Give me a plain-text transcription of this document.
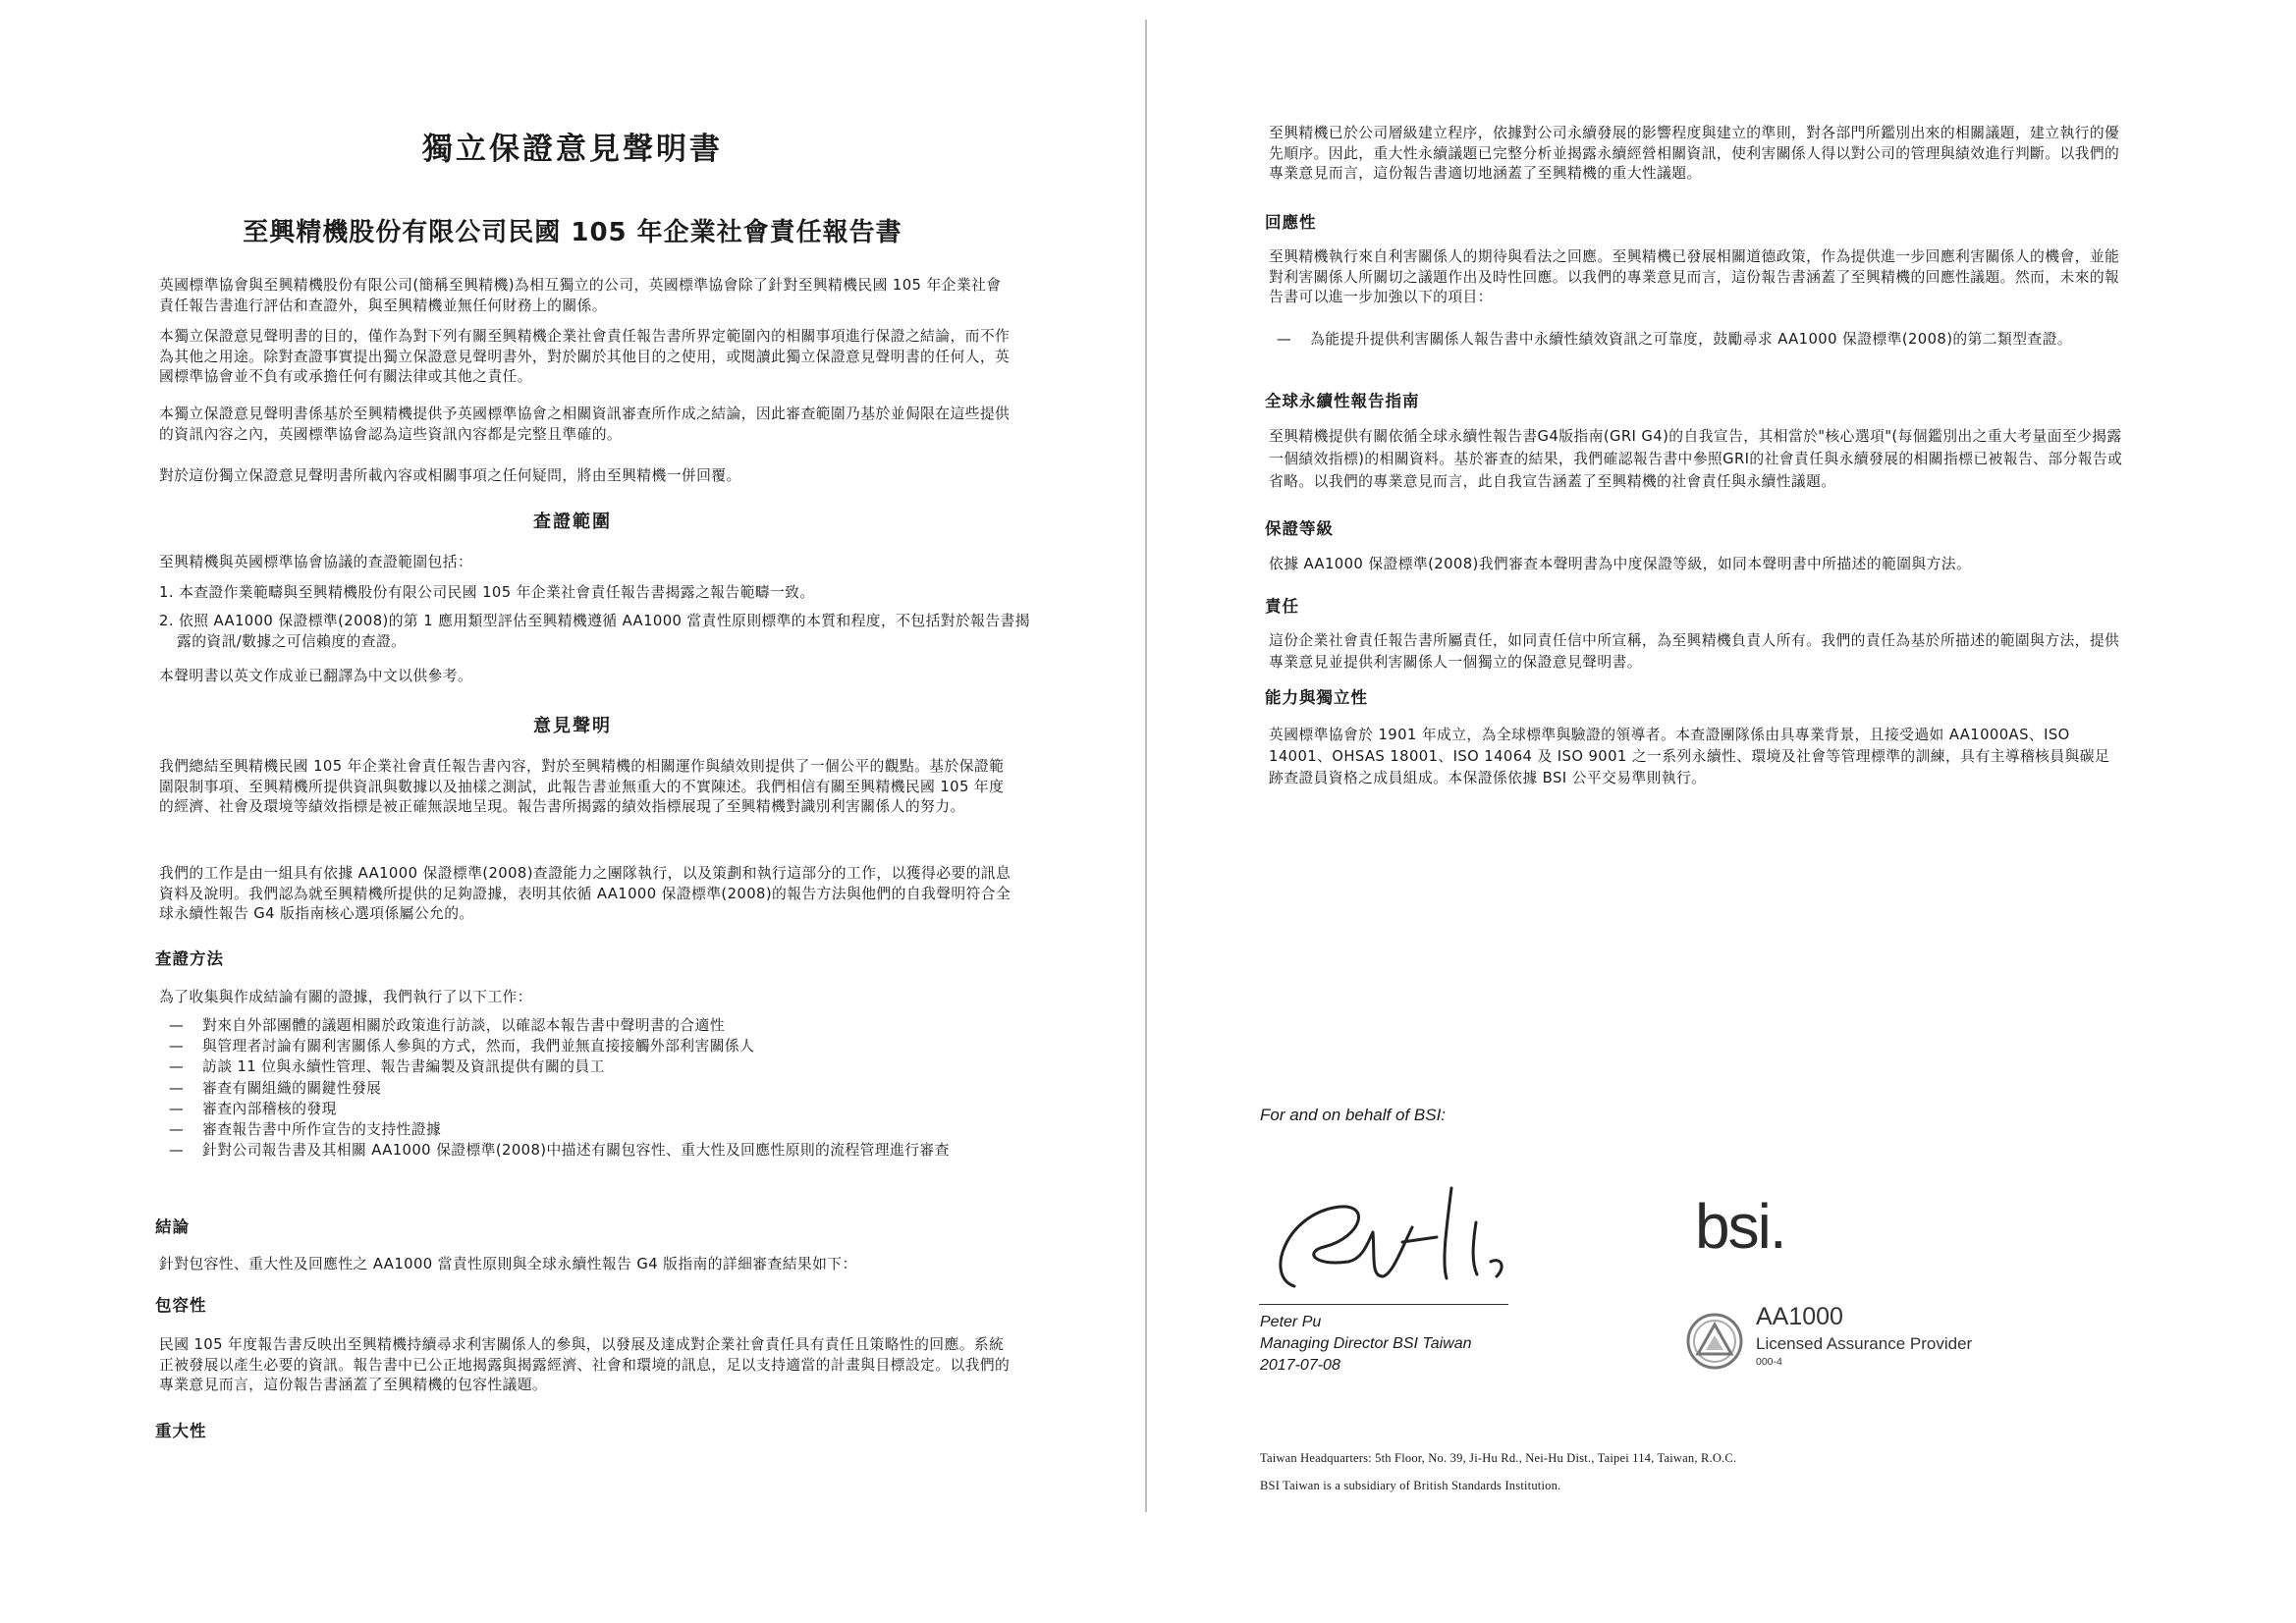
獨立保證意見聲明書
至興精機股份有限公司民國 105 年企業社會責任報告書

英國標準協會與至興精機股份有限公司(簡稱至興精機)為相互獨立的公司，英國標準協會除了針對至興精機民國 105 年企業社會責任報告書進行評估和查證外，與至興精機並無任何財務上的關係。

本獨立保證意見聲明書的目的，僅作為對下列有關至興精機企業社會責任報告書所界定範圍內的相關事項進行保證之結論，而不作為其他之用途。除對查證事實提出獨立保證意見聲明書外，對於關於其他目的之使用，或閱讀此獨立保證意見聲明書的任何人，英國標準協會並不負有或承擔任何有關法律或其他之責任。

本獨立保證意見聲明書係基於至興精機提供予英國標準協會之相關資訊審查所作成之結論，因此審查範圍乃基於並侷限在這些提供的資訊內容之內，英國標準協會認為這些資訊內容都是完整且準確的。

對於這份獨立保證意見聲明書所載內容或相關事項之任何疑問，將由至興精機一併回覆。

查證範圍

至興精機與英國標準協會協議的查證範圍包括：

1. 本查證作業範疇與至興精機股份有限公司民國 105 年企業社會責任報告書揭露之報告範疇一致。

2. 依照 AA1000 保證標準(2008)的第 1 應用類型評估至興精機遵循 AA1000 當責性原則標準的本質和程度，不包括對於報告書揭露的資訊/數據之可信賴度的查證。

本聲明書以英文作成並已翻譯為中文以供參考。

意見聲明

我們總結至興精機民國 105 年企業社會責任報告書內容，對於至興精機的相關運作與績效則提供了一個公平的觀點。基於保證範圍限制事項、至興精機所提供資訊與數據以及抽樣之測試，此報告書並無重大的不實陳述。我們相信有關至興精機民國 105 年度的經濟、社會及環境等績效指標是被正確無誤地呈現。報告書所揭露的績效指標展現了至興精機對識別利害關係人的努力。

我們的工作是由一組具有依據 AA1000 保證標準(2008)查證能力之團隊執行，以及策劃和執行這部分的工作，以獲得必要的訊息資料及說明。我們認為就至興精機所提供的足夠證據，表明其依循 AA1000 保證標準(2008)的報告方法與他們的自我聲明符合全球永續性報告 G4 版指南核心選項係屬公允的。

查證方法

為了收集與作成結論有關的證據，我們執行了以下工作：

— 對來自外部團體的議題相關於政策進行訪談，以確認本報告書中聲明書的合適性
— 與管理者討論有關利害關係人參與的方式，然而，我們並無直接接觸外部利害關係人
— 訪談 11 位與永續性管理、報告書編製及資訊提供有關的員工
— 審查有關組織的關鍵性發展
— 審查內部稽核的發現
— 審查報告書中所作宣告的支持性證據
— 針對公司報告書及其相關 AA1000 保證標準(2008)中描述有關包容性、重大性及回應性原則的流程管理進行審查
結論

針對包容性、重大性及回應性之 AA1000 當責性原則與全球永續性報告 G4 版指南的詳細審查結果如下：

包容性

民國 105 年度報告書反映出至興精機持續尋求利害關係人的參與，以發展及達成對企業社會責任具有責任且策略性的回應。系統正被發展以產生必要的資訊。報告書中已公正地揭露與揭露經濟、社會和環境的訊息，足以支持適當的計畫與目標設定。以我們的專業意見而言，這份報告書涵蓋了至興精機的包容性議題。

重大性

至興精機已於公司層級建立程序，依據對公司永續發展的影響程度與建立的準則，對各部門所鑑別出來的相關議題，建立執行的優先順序。因此，重大性永續議題已完整分析並揭露永續經營相關資訊，使利害關係人得以對公司的管理與績效進行判斷。以我們的專業意見而言，這份報告書適切地涵蓋了至興精機的重大性議題。

回應性

至興精機執行來自利害關係人的期待與看法之回應。至興精機已發展相關道德政策，作為提供進一步回應利害關係人的機會，並能對利害關係人所關切之議題作出及時性回應。以我們的專業意見而言，這份報告書涵蓋了至興精機的回應性議題。然而，未來的報告書可以進一步加強以下的項目：

— 為能提升提供利害關係人報告書中永續性績效資訊之可靠度，鼓勵尋求 AA1000 保證標準(2008)的第二類型查證。
全球永續性報告指南

至興精機提供有關依循全球永續性報告書G4版指南(GRI G4)的自我宣告，其相當於"核心選項"(每個鑑別出之重大考量面至少揭露一個績效指標)的相關資料。基於審查的結果，我們確認報告書中參照GRI的社會責任與永續發展的相關指標已被報告、部分報告或省略。以我們的專業意見而言，此自我宣告涵蓋了至興精機的社會責任與永續性議題。

保證等級

依據 AA1000 保證標準(2008)我們審查本聲明書為中度保證等級，如同本聲明書中所描述的範圍與方法。

責任

這份企業社會責任報告書所屬責任，如同責任信中所宣稱，為至興精機負責人所有。我們的責任為基於所描述的範圍與方法，提供專業意見並提供利害關係人一個獨立的保證意見聲明書。

能力與獨立性

英國標準協會於 1901 年成立，為全球標準與驗證的領導者。本查證團隊係由具專業背景，且接受過如 AA1000AS、ISO 14001、OHSAS 18001、ISO 14064 及 ISO 9001 之一系列永續性、環境及社會等管理標準的訓練，具有主導稽核員與碳足跡查證員資格之成員組成。本保證係依據 BSI 公平交易準則執行。

For and on behalf of BSI:
Peter Pu
Managing Director BSI Taiwan
2017-07-08
bsi.
AA1000
Licensed Assurance Provider
000-4
Taiwan Headquarters: 5th Floor, No. 39, Ji-Hu Rd., Nei-Hu Dist., Taipei 114, Taiwan, R.O.C.
BSI Taiwan is a subsidiary of British Standards Institution.
